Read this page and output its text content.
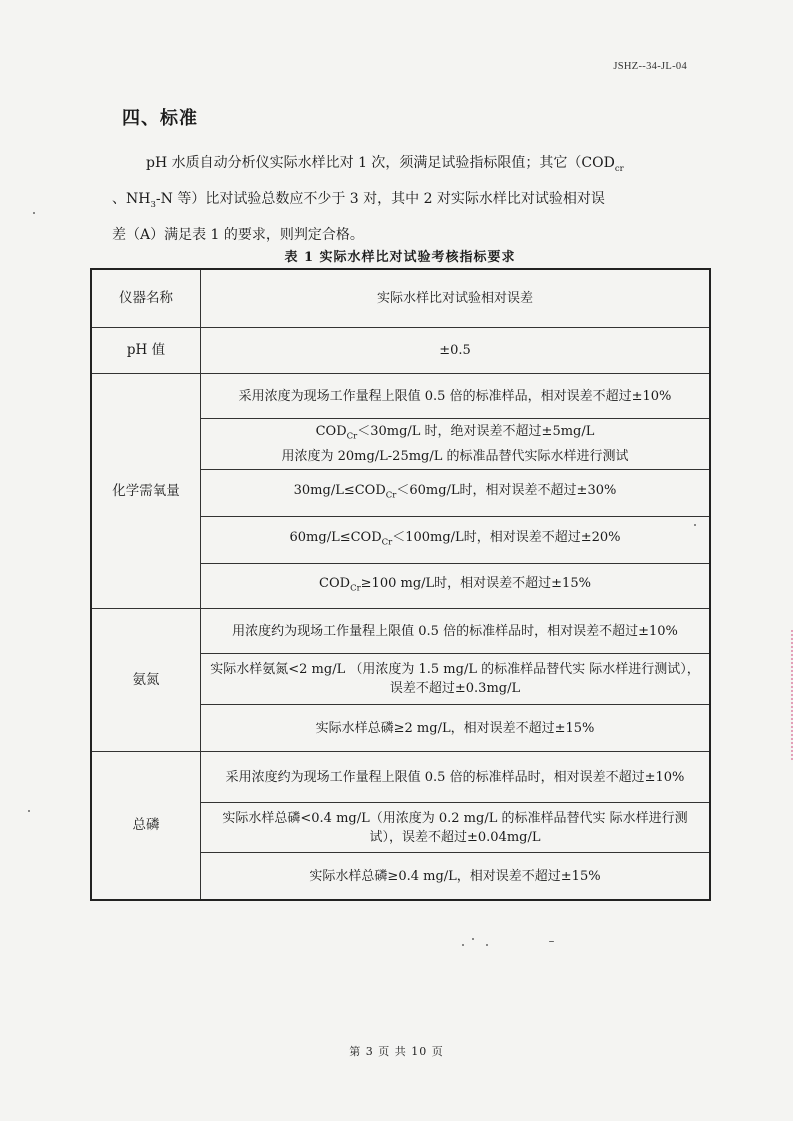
JSHZ--34-JL-04
四、标准

pH 水质自动分析仪实际水样比对 1 次，须满足试验指标限值；其它（$COD_{cr}$

、$NH_3-N$ 等）比对试验总数应不少于 3 对，其中 2 对实际水样比对试验相对误

差（A）满足表 1 的要求，则判定合格。

表 1 实际水样比对试验考核指标要求
仪器名称	实际水样比对试验相对误差
pH 值	±0.5
化学需氧量	采用浓度为现场工作量程上限值 0.5 倍的标准样品，相对误差不超过±10%
	$COD_{Cr}<30mg/L$ 时，绝对误差不超过±5mg/L
用浓度为 20mg/L-25mg/L 的标准品替代实际水样进行测试
	$30mg/L\le COD_{Cr}<60mg/L$时，相对误差不超过±30%
	$60mg/L\le COD_{Cr}<100mg/L$时，相对误差不超过±20%
	$COD_{Cr}\ge 100$ mg/L时，相对误差不超过±15%
氨氮	用浓度约为现场工作量程上限值 0.5 倍的标准样品时，相对误差不超过±10%
	实际水样氨氮<2 mg/L （用浓度为 1.5 mg/L 的标准样品替代实 际水样进行测试），误差不超过±0.3mg/L
	实际水样总磷≥2 mg/L，相对误差不超过±15%
总磷	采用浓度约为现场工作量程上限值 0.5 倍的标准样品时，相对误差不超过±10%
	实际水样总磷<0.4 mg/L（用浓度为 0.2 mg/L 的标准样品替代实 际水样进行测试），误差不超过±0.04mg/L
	实际水样总磷≥0.4 mg/L，相对误差不超过±15%
第 3 页 共 10 页
